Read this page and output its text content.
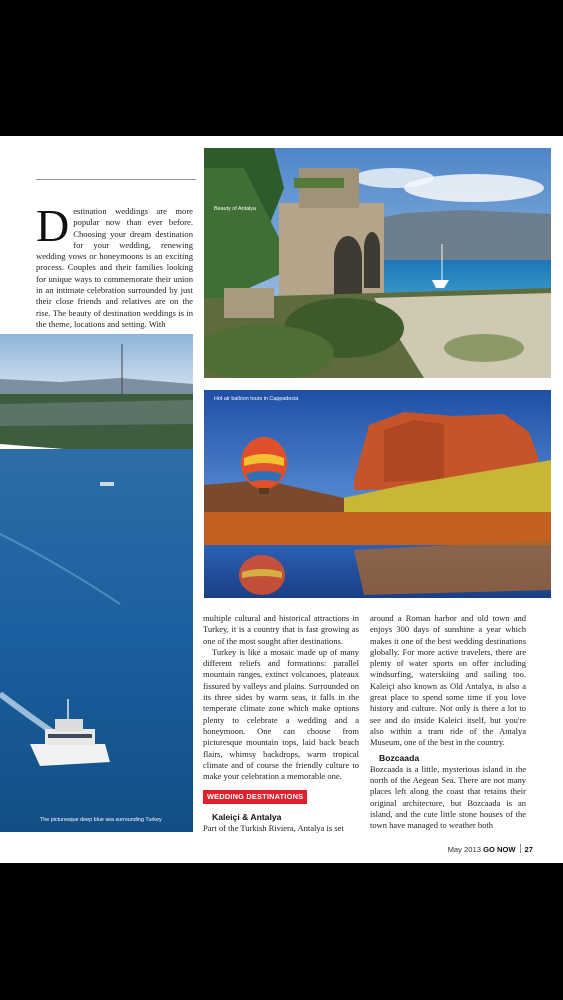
Destination weddings are more popular now than ever before. Choosing your dream destination for your wedding, renewing wedding vows or honeymoons is an exciting process. Couples and their families looking for unique ways to commemorate their union in an intimate celebration surrounded by just their close friends and relatives are on the rise. The beauty of destination weddings is in the theme, locations and setting. With
Beauty of Antalya
Hot air balloon tours in Cappadocia
The picturesque deep blue sea surrounding Turkey

multiple cultural and historical attractions in Turkey, it is a country that is fast growing as one of the most sought after destinations.

Turkey is like a mosaic made up of many different reliefs and formations: parallel mountain ranges, extinct volcanoes, plateaux fissured by valleys and plains. Surrounded on its three sides by warm seas, it falls in the temperate climate zone which make options plenty to celebrate a wedding and a honeymoon. One can choose from picturesque mountain tops, laid back beach flairs, whimsy backdrops, warm tropical climate and of course the friendly culture to make your celebration a memorable one.

WEDDING DESTINATIONS

Kaleiçi & Antalya

Part of the Turkish Riviera, Antalya is set

around a Roman harbor and old town and enjoys 300 days of sunshine a year which makes it one of the best wedding destinations globally. For more active travelers, there are plenty of water sports on offer including windsurfing, waterskiing and sailing too. Kaleiçi also known as Old Antalya, is also a great place to spend some time if you love history and culture. Not only is there a lot to see and do inside Kaleici itself, but you're also within a tram ride of the Antalya Museum, one of the best in the country.

Bozcaada

Bozcaada is a little, mysterious island in the north of the Aegean Sea. There are not many places left along the coast that retains their original architecture, but Bozcaada is an island, and the cute little stone houses of the town have managed to weather both

May 2013 GO NOW 27
